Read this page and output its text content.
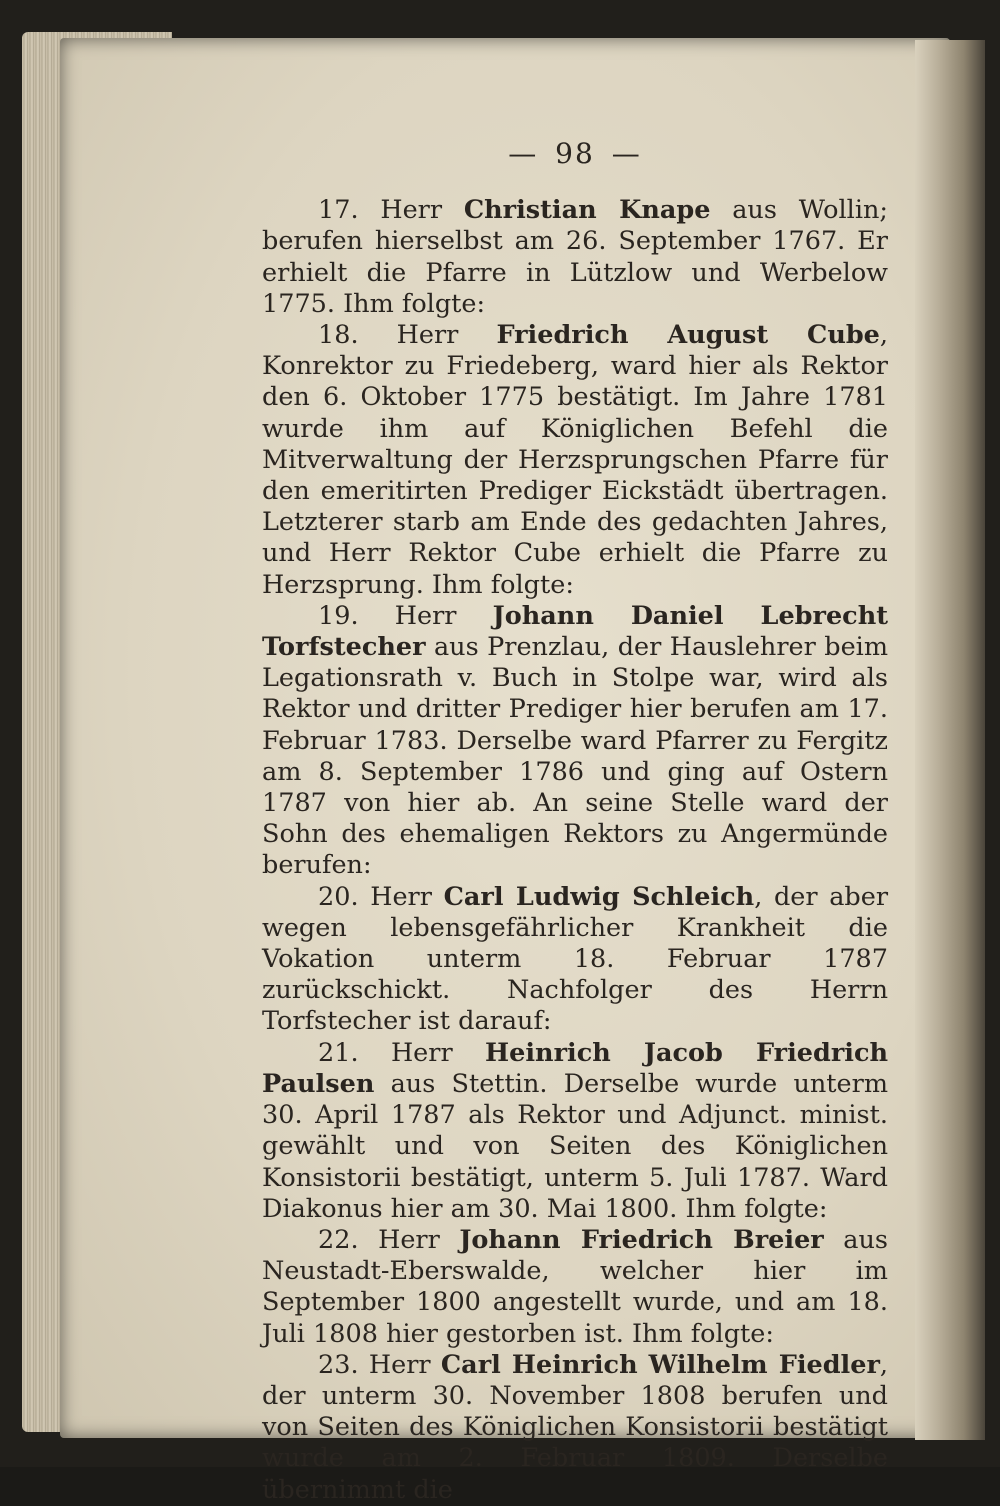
— 98 —

17. Herr Christian Knape aus Wollin; berufen hierselbst am 26. September 1767. Er erhielt die Pfarre in Lützlow und Werbelow 1775. Ihm folgte:

18. Herr Friedrich August Cube, Konrektor zu Friedeberg, ward hier als Rektor den 6. Oktober 1775 bestätigt. Im Jahre 1781 wurde ihm auf Königlichen Befehl die Mitverwaltung der Herzsprungschen Pfarre für den emeritirten Prediger Eickstädt übertragen. Letzterer starb am Ende des gedachten Jahres, und Herr Rektor Cube erhielt die Pfarre zu Herzsprung. Ihm folgte:

19. Herr Johann Daniel Lebrecht Torfstecher aus Prenzlau, der Hauslehrer beim Legationsrath v. Buch in Stolpe war, wird als Rektor und dritter Prediger hier berufen am 17. Februar 1783. Derselbe ward Pfarrer zu Fergitz am 8. September 1786 und ging auf Ostern 1787 von hier ab. An seine Stelle ward der Sohn des ehemaligen Rektors zu Angermünde berufen:

20. Herr Carl Ludwig Schleich, der aber wegen lebensgefährlicher Krankheit die Vokation unterm 18. Februar 1787 zurückschickt. Nachfolger des Herrn Torfstecher ist darauf:

21. Herr Heinrich Jacob Friedrich Paulsen aus Stettin. Derselbe wurde unterm 30. April 1787 als Rektor und Adjunct. minist. gewählt und von Seiten des Königlichen Konsistorii bestätigt, unterm 5. Juli 1787. Ward Diakonus hier am 30. Mai 1800. Ihm folgte:

22. Herr Johann Friedrich Breier aus Neustadt-Eberswalde, welcher hier im September 1800 angestellt wurde, und am 18. Juli 1808 hier gestorben ist. Ihm folgte:

23. Herr Carl Heinrich Wilhelm Fiedler, der unterm 30. November 1808 berufen und von Seiten des Königlichen Konsistorii bestätigt wurde am 2. Februar 1809. Derselbe übernimmt die
